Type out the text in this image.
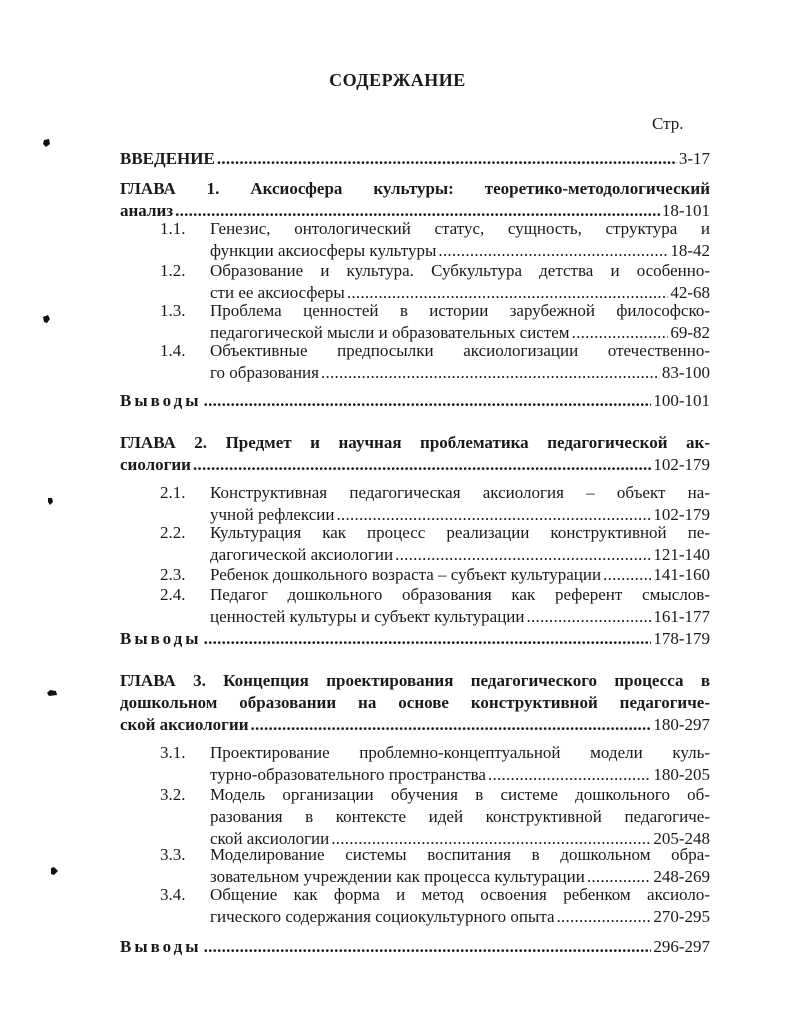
СОДЕРЖАНИЕ
Стр.
ВВЕДЕНИЕ . . .	3-17
ГЛАВА 1. Аксиосфера культуры: теоретико-методологический
анализ . . .	18-101
1.1.	Генезис, онтологический статус, сущность, структура и
функции аксиосферы культуры . . .	18-42
1.2.	Образование и культура. Субкультура детства и особенно-
сти ее аксиосферы . . .	42-68
1.3.	Проблема ценностей в истории зарубежной философско-
педагогической мысли и образовательных систем . . .	69-82
1.4.	Объективные предпосылки аксиологизации отечественно-
го образования . . .	83-100
Выводы . . .	100-101
ГЛАВА 2. Предмет и научная проблематика педагогической ак-
сиологии . . .	102-179
2.1.	Конструктивная педагогическая аксиология – объект на-
учной рефлексии . . .	102-179
2.2.	Культурация как процесс реализации конструктивной пе-
дагогической аксиологии . . .	121-140
2.3.	Ребенок дошкольного возраста – субъект культурации . . .	141-160
2.4.	Педагог дошкольного образования как референт смыслов-
ценностей культуры и субъект культурации . . .	161-177
Выводы . . .	178-179
ГЛАВА 3. Концепция проектирования педагогического процесса в
дошкольном образовании на основе конструктивной педагогиче-
ской аксиологии . . .	180-297
3.1.	Проектирование проблемно-концептуальной модели куль-
турно-образовательного пространства . . .	180-205
3.2.	Модель организации обучения в системе дошкольного об-
разования в контексте идей конструктивной педагогиче-
ской аксиологии . . .	205-248
3.3.	Моделирование системы воспитания в дошкольном обра-
зовательном учреждении как процесса культурации . . .	248-269
3.4.	Общение как форма и метод освоения ребенком аксиоло-
гического содержания социокультурного опыта . . .	270-295
Выводы . . .	296-297
